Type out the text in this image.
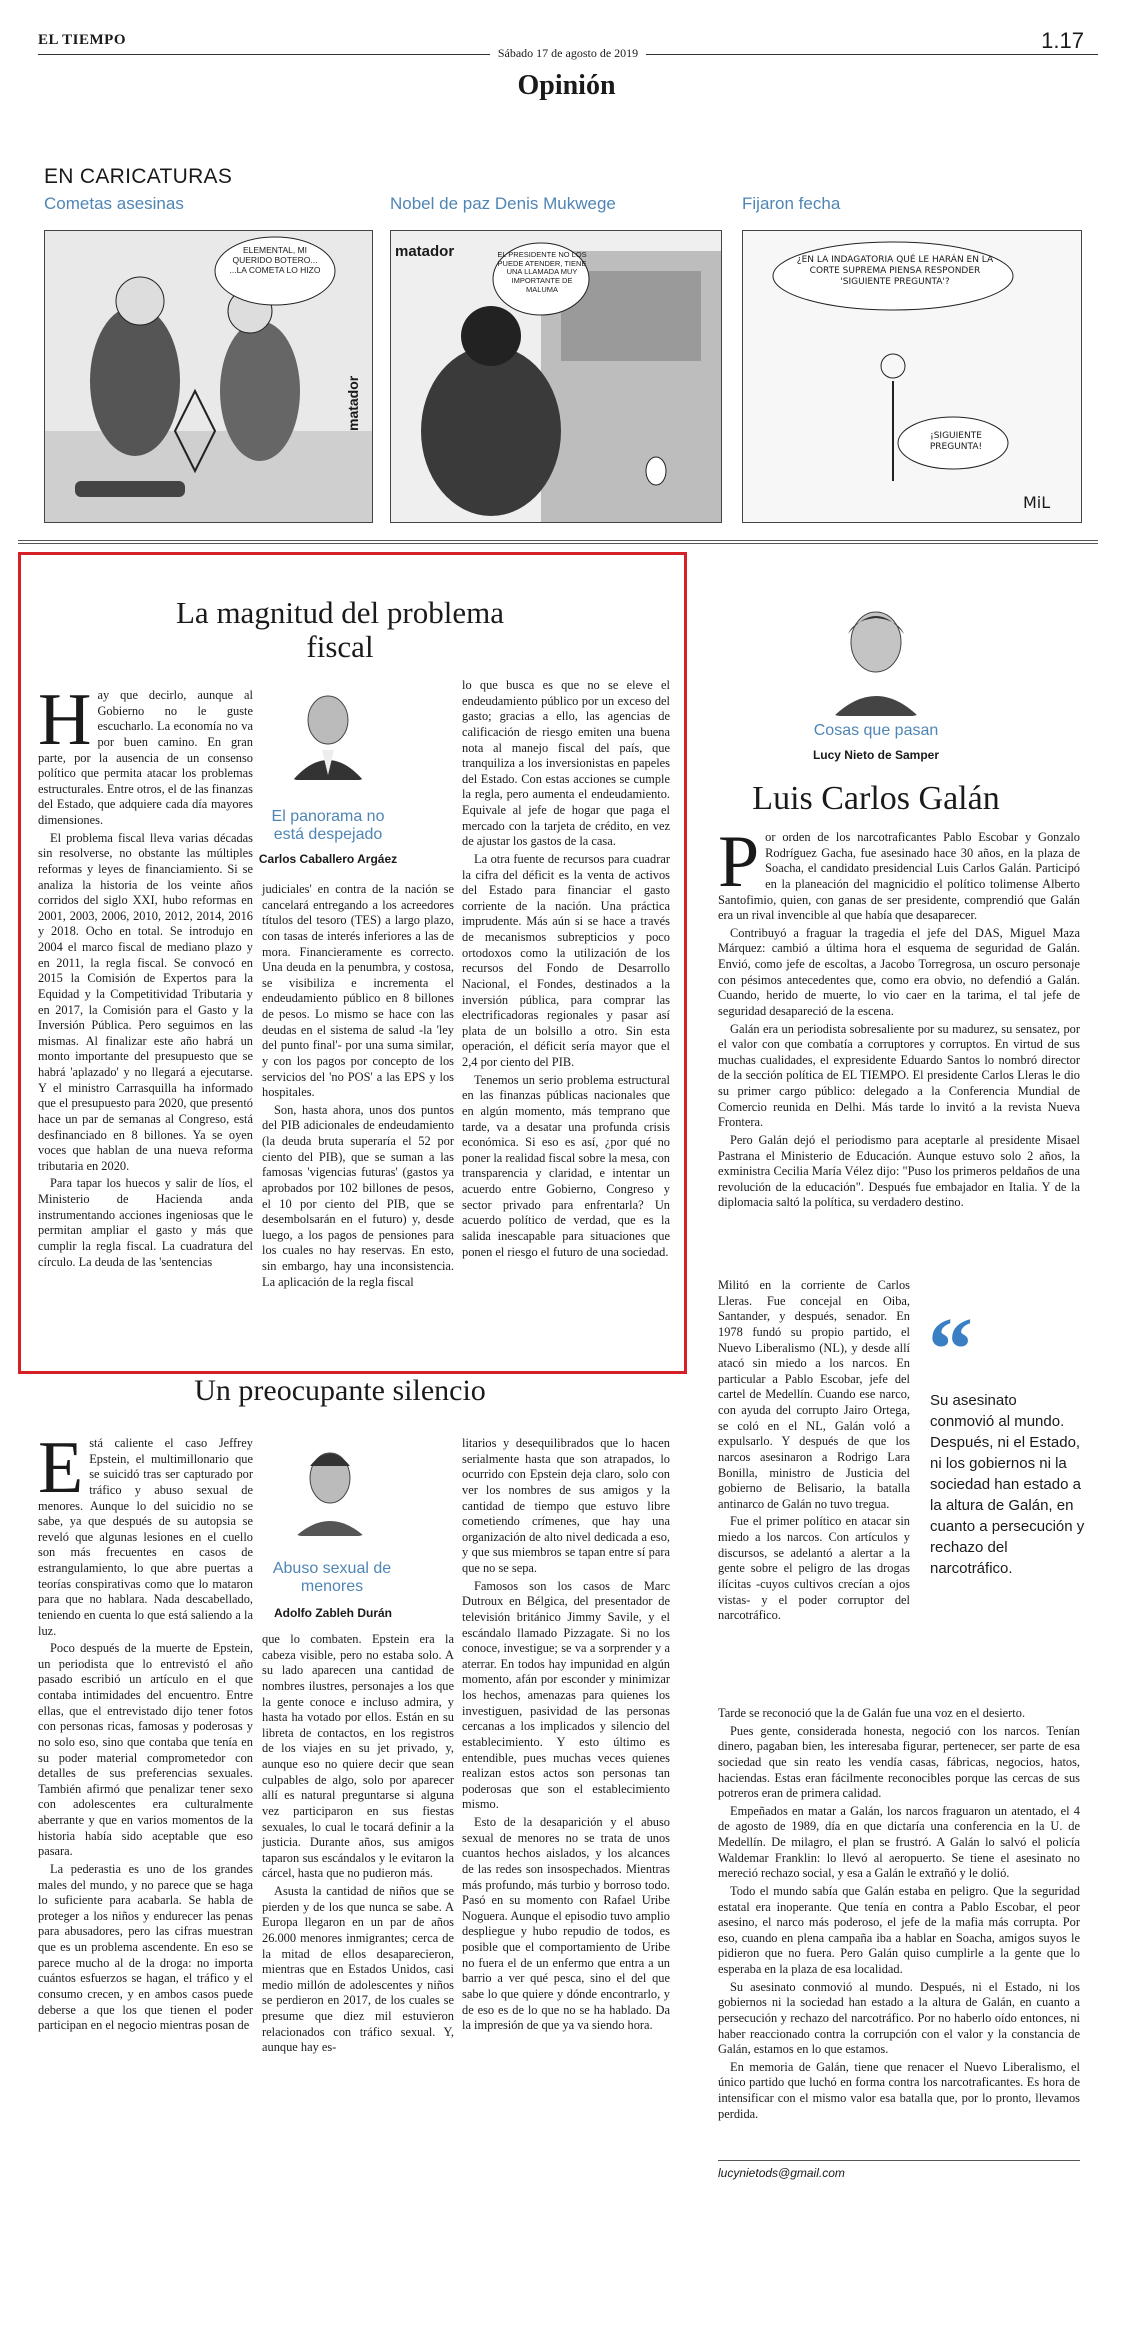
EL TIEMPO
Sábado 17 de agosto de 2019	1.17
Opinión
EN CARICATURAS
Cometas asesinas	Nobel de paz Denis Mukwege	Fijaron fecha
ELEMENTAL, MI QUERIDO BOTERO... ...LA COMETA LO HIZO
matador
matador	EL PRESIDENTE NO LOS PUEDE ATENDER, TIENE UNA LLAMADA MUY IMPORTANTE DE MALUMA
¿EN LA INDAGATORIA QUÉ LE HARÁN EN LA CORTE SUPREMA PIENSA RESPONDER 'SIGUIENTE PREGUNTA'?
¡SIGUIENTE PREGUNTA!
MiL
La magnitud del problema fiscal

Hay que decirlo, aunque al Gobierno no le guste escucharlo. La economía no va por buen camino. En gran parte, por la ausencia de un consenso político que permita atacar los problemas estructurales. Entre otros, el de las finanzas del Estado, que adquiere cada día mayores dimensiones.

El problema fiscal lleva varias décadas sin resolverse, no obstante las múltiples reformas y leyes de financiamiento. Si se analiza la historia de los veinte años corridos del siglo XXI, hubo reformas en 2001, 2003, 2006, 2010, 2012, 2014, 2016 y 2018. Ocho en total. Se introdujo en 2004 el marco fiscal de mediano plazo y en 2011, la regla fiscal. Se convocó en 2015 la Comisión de Expertos para la Equidad y la Competitividad Tributaria y en 2017, la Comisión para el Gasto y la Inversión Pública. Pero seguimos en las mismas. Al finalizar este año habrá un monto importante del presupuesto que se habrá 'aplazado' y no llegará a ejecutarse. Y el ministro Carrasquilla ha informado que el presupuesto para 2020, que presentó hace un par de semanas al Congreso, está desfinanciado en 8 billones. Ya se oyen voces que hablan de una nueva reforma tributaria en 2020.

Para tapar los huecos y salir de líos, el Ministerio de Hacienda anda instrumentando acciones ingeniosas que le permitan ampliar el gasto y más que cumplir la regla fiscal. La cuadratura del círculo. La deuda de las 'sentencias

El panorama no está despejado
Carlos Caballero Argáez

judiciales' en contra de la nación se cancelará entregando a los acreedores títulos del tesoro (TES) a largo plazo, con tasas de interés inferiores a las de mora. Financieramente es correcto. Una deuda en la penumbra, y costosa, se visibiliza e incrementa el endeudamiento público en 8 billones de pesos. Lo mismo se hace con las deudas en el sistema de salud -la 'ley del punto final'- por una suma similar, y con los pagos por concepto de los servicios del 'no POS' a las EPS y los hospitales.

Son, hasta ahora, unos dos puntos del PIB adicionales de endeudamiento (la deuda bruta superaría el 52 por ciento del PIB), que se suman a las famosas 'vigencias futuras' (gastos ya aprobados por 102 billones de pesos, el 10 por ciento del PIB, que se desembolsarán en el futuro) y, desde luego, a los pagos de pensiones para los cuales no hay reservas. En esto, sin embargo, hay una inconsistencia. La aplicación de la regla fiscal

lo que busca es que no se eleve el endeudamiento público por un exceso del gasto; gracias a ello, las agencias de calificación de riesgo emiten una buena nota al manejo fiscal del país, que tranquiliza a los inversionistas en papeles del Estado. Con estas acciones se cumple la regla, pero aumenta el endeudamiento. Equivale al jefe de hogar que paga el mercado con la tarjeta de crédito, en vez de ajustar los gastos de la casa.

La otra fuente de recursos para cuadrar la cifra del déficit es la venta de activos del Estado para financiar el gasto corriente de la nación. Una práctica imprudente. Más aún si se hace a través de mecanismos subrepticios y poco ortodoxos como la utilización de los recursos del Fondo de Desarrollo Nacional, el Fondes, destinados a la inversión pública, para comprar las electrificadoras regionales y pasar así plata de un bolsillo a otro. Sin esta operación, el déficit sería mayor que el 2,4 por ciento del PIB.

Tenemos un serio problema estructural en las finanzas públicas nacionales que en algún momento, más temprano que tarde, va a desatar una profunda crisis económica. Si eso es así, ¿por qué no poner la realidad fiscal sobre la mesa, con transparencia y claridad, e intentar un acuerdo entre Gobierno, Congreso y sector privado para enfrentarla? Un acuerdo político de verdad, que es la salida inescapable para situaciones que ponen el riesgo el futuro de una sociedad.

Un preocupante silencio

Está caliente el caso Jeffrey Epstein, el multimillonario que se suicidó tras ser capturado por tráfico y abuso sexual de menores. Aunque lo del suicidio no se sabe, ya que después de su autopsia se reveló que algunas lesiones en el cuello son más frecuentes en casos de estrangulamiento, lo que abre puertas a teorías conspirativas como que lo mataron para que no hablara. Nada descabellado, teniendo en cuenta lo que está saliendo a la luz.

Poco después de la muerte de Epstein, un periodista que lo entrevistó el año pasado escribió un artículo en el que contaba intimidades del encuentro. Entre ellas, que el entrevistado dijo tener fotos con personas ricas, famosas y poderosas y no solo eso, sino que contaba que tenía en su poder material comprometedor con detalles de sus preferencias sexuales. También afirmó que penalizar tener sexo con adolescentes era culturalmente aberrante y que en varios momentos de la historia había sido aceptable que eso pasara.

La pederastia es uno de los grandes males del mundo, y no parece que se haga lo suficiente para acabarla. Se habla de proteger a los niños y endurecer las penas para abusadores, pero las cifras muestran que es un problema ascendente. En eso se parece mucho al de la droga: no importa cuántos esfuerzos se hagan, el tráfico y el consumo crecen, y en ambos casos puede deberse a que los que tienen el poder participan en el negocio mientras posan de

Abuso sexual de menores
Adolfo Zableh Durán

que lo combaten. Epstein era la cabeza visible, pero no estaba solo. A su lado aparecen una cantidad de nombres ilustres, personajes a los que la gente conoce e incluso admira, y hasta ha votado por ellos. Están en su libreta de contactos, en los registros de los viajes en su jet privado, y, aunque eso no quiere decir que sean culpables de algo, solo por aparecer allí es natural preguntarse si alguna vez participaron en sus fiestas sexuales, lo cual le tocará definir a la justicia. Durante años, sus amigos taparon sus escándalos y le evitaron la cárcel, hasta que no pudieron más.

Asusta la cantidad de niños que se pierden y de los que nunca se sabe. A Europa llegaron en un par de años 26.000 menores inmigrantes; cerca de la mitad de ellos desaparecieron, mientras que en Estados Unidos, casi medio millón de adolescentes y niños se perdieron en 2017, de los cuales se presume que diez mil estuvieron relacionados con tráfico sexual. Y, aunque hay es-

litarios y desequilibrados que lo hacen serialmente hasta que son atrapados, lo ocurrido con Epstein deja claro, solo con ver los nombres de sus amigos y la cantidad de tiempo que estuvo libre cometiendo crímenes, que hay una organización de alto nivel dedicada a eso, y que sus miembros se tapan entre sí para que no se sepa.

Famosos son los casos de Marc Dutroux en Bélgica, del presentador de televisión británico Jimmy Savile, y el escándalo llamado Pizzagate. Si no los conoce, investigue; se va a sorprender y a aterrar. En todos hay impunidad en algún momento, afán por esconder y minimizar los hechos, amenazas para quienes los investiguen, pasividad de las personas cercanas a los implicados y silencio del establecimiento. Y esto último es entendible, pues muchas veces quienes realizan estos actos son personas tan poderosas que son el establecimiento mismo.

Esto de la desaparición y el abuso sexual de menores no se trata de unos cuantos hechos aislados, y los alcances de las redes son insospechados. Mientras más profundo, más turbio y borroso todo. Pasó en su momento con Rafael Uribe Noguera. Aunque el episodio tuvo amplio despliegue y hubo repudio de todos, es posible que el comportamiento de Uribe no fuera el de un enfermo que entra a un barrio a ver qué pesca, sino el del que sabe lo que quiere y dónde encontrarlo, y de eso es de lo que no se ha hablado. Da la impresión de que ya va siendo hora.

Cosas que pasan
Lucy Nieto de Samper
Luis Carlos Galán

Por orden de los narcotraficantes Pablo Escobar y Gonzalo Rodríguez Gacha, fue asesinado hace 30 años, en la plaza de Soacha, el candidato presidencial Luis Carlos Galán. Participó en la planeación del magnicidio el político tolimense Alberto Santofimio, quien, con ganas de ser presidente, comprendió que Galán era un rival invencible al que había que desaparecer.

Contribuyó a fraguar la tragedia el jefe del DAS, Miguel Maza Márquez: cambió a última hora el esquema de seguridad de Galán. Envió, como jefe de escoltas, a Jacobo Torregrosa, un oscuro personaje con pésimos antecedentes que, como era obvio, no defendió a Galán. Cuando, herido de muerte, lo vio caer en la tarima, el tal jefe de seguridad desapareció de la escena.

Galán era un periodista sobresaliente por su madurez, su sensatez, por el valor con que combatía a corruptores y corruptos. En virtud de sus muchas cualidades, el expresidente Eduardo Santos lo nombró director de la sección política de EL TIEMPO. El presidente Carlos Lleras le dio su primer cargo público: delegado a la Conferencia Mundial de Comercio reunida en Delhi. Más tarde lo invitó a la revista Nueva Frontera.

Pero Galán dejó el periodismo para aceptarle al presidente Misael Pastrana el Ministerio de Educación. Aunque estuvo solo 2 años, la exministra Cecilia María Vélez dijo: "Puso los primeros peldaños de una revolución de la educación". Después fue embajador en Italia. Y de la diplomacia saltó la política, su verdadero destino.

Militó en la corriente de Carlos Lleras. Fue concejal en Oiba, Santander, y después, senador. En 1978 fundó su propio partido, el Nuevo Liberalismo (NL), y desde allí atacó sin miedo a los narcos. En particular a Pablo Escobar, jefe del cartel de Medellín. Cuando ese narco, con ayuda del corrupto Jairo Ortega, se coló en el NL, Galán voló a expulsarlo. Y después de que los narcos asesinaron a Rodrigo Lara Bonilla, ministro de Justicia del gobierno de Belisario, la batalla antinarco de Galán no tuvo tregua.

Fue el primer político en atacar sin miedo a los narcos. Con artículos y discursos, se adelantó a alertar a la gente sobre el peligro de las drogas ilícitas -cuyos cultivos crecían a ojos vistas- y el poder corruptor del narcotráfico.

“
Su asesinato conmovió al mundo. Después, ni el Estado, ni los gobiernos ni la sociedad han estado a la altura de Galán, en cuanto a persecución y rechazo del narcotráfico.

Tarde se reconoció que la de Galán fue una voz en el desierto.

Pues gente, considerada honesta, negoció con los narcos. Tenían dinero, pagaban bien, les interesaba figurar, pertenecer, ser parte de esa sociedad que sin reato les vendía casas, fábricas, negocios, hatos, haciendas. Estas eran fácilmente reconocibles porque las cercas de sus potreros eran de primera calidad.

Empeñados en matar a Galán, los narcos fraguaron un atentado, el 4 de agosto de 1989, día en que dictaría una conferencia en la U. de Medellín. De milagro, el plan se frustró. A Galán lo salvó el policía Waldemar Franklin: lo llevó al aeropuerto. Se tiene el asesinato no mereció rechazo social, y esa a Galán le extrañó y le dolió.

Todo el mundo sabía que Galán estaba en peligro. Que la seguridad estatal era inoperante. Que tenía en contra a Pablo Escobar, el peor asesino, el narco más poderoso, el jefe de la mafia más corrupta. Por eso, cuando en plena campaña iba a hablar en Soacha, amigos suyos le pidieron que no fuera. Pero Galán quiso cumplirle a la gente que lo esperaba en la plaza de esa localidad.

Su asesinato conmovió al mundo. Después, ni el Estado, ni los gobiernos ni la sociedad han estado a la altura de Galán, en cuanto a persecución y rechazo del narcotráfico. Por no haberlo oído entonces, ni haber reaccionado contra la corrupción con el valor y la constancia de Galán, estamos en lo que estamos.

En memoria de Galán, tiene que renacer el Nuevo Liberalismo, el único partido que luchó en forma contra los narcotraficantes. Es hora de intensificar con el mismo valor esa batalla que, por lo pronto, llevamos perdida.

lucynietods@gmail.com
